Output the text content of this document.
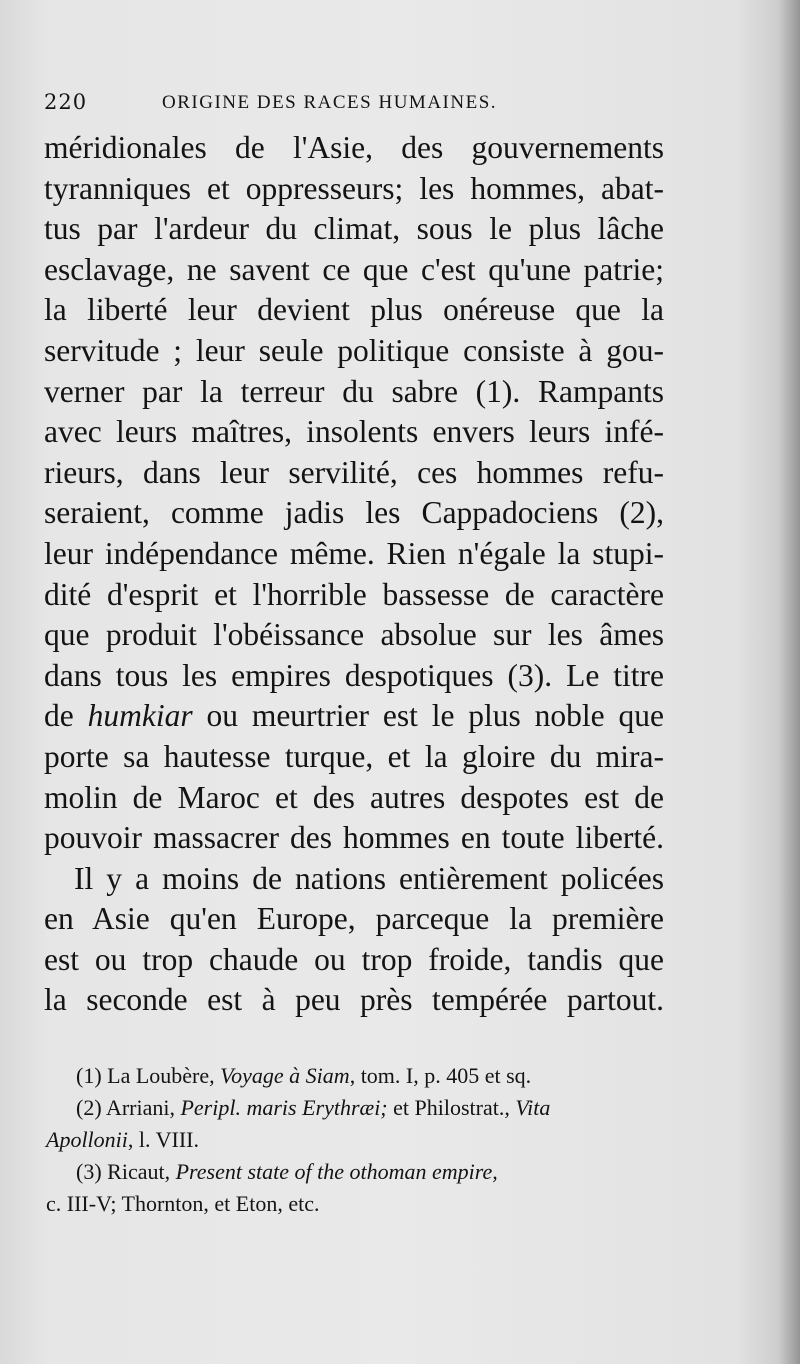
220	ORIGINE DES RACES HUMAINES.
méridionales de l'Asie, des gouvernements
tyranniques et oppresseurs; les hommes, abat-
tus par l'ardeur du climat, sous le plus lâche
esclavage, ne savent ce que c'est qu'une patrie;
la liberté leur devient plus onéreuse que la
servitude ; leur seule politique consiste à gou-
verner par la terreur du sabre (1). Rampants
avec leurs maîtres, insolents envers leurs infé-
rieurs, dans leur servilité, ces hommes refu-
seraient, comme jadis les Cappadociens (2),
leur indépendance même. Rien n'égale la stupi-
dité d'esprit et l'horrible bassesse de caractère
que produit l'obéissance absolue sur les âmes
dans tous les empires despotiques (3). Le titre
de humkiar ou meurtrier est le plus noble que
porte sa hautesse turque, et la gloire du mira-
molin de Maroc et des autres despotes est de
pouvoir massacrer des hommes en toute liberté.
Il y a moins de nations entièrement policées
en Asie qu'en Europe, parceque la première
est ou trop chaude ou trop froide, tandis que
la seconde est à peu près tempérée partout.
(1) La Loubère, Voyage à Siam, tom. I, p. 405 et sq.
(2) Arriani, Peripl. maris Erythræi; et Philostrat., Vita
Apollonii, l. VIII.
(3) Ricaut, Present state of the othoman empire,
c. III-V; Thornton, et Eton, etc.
